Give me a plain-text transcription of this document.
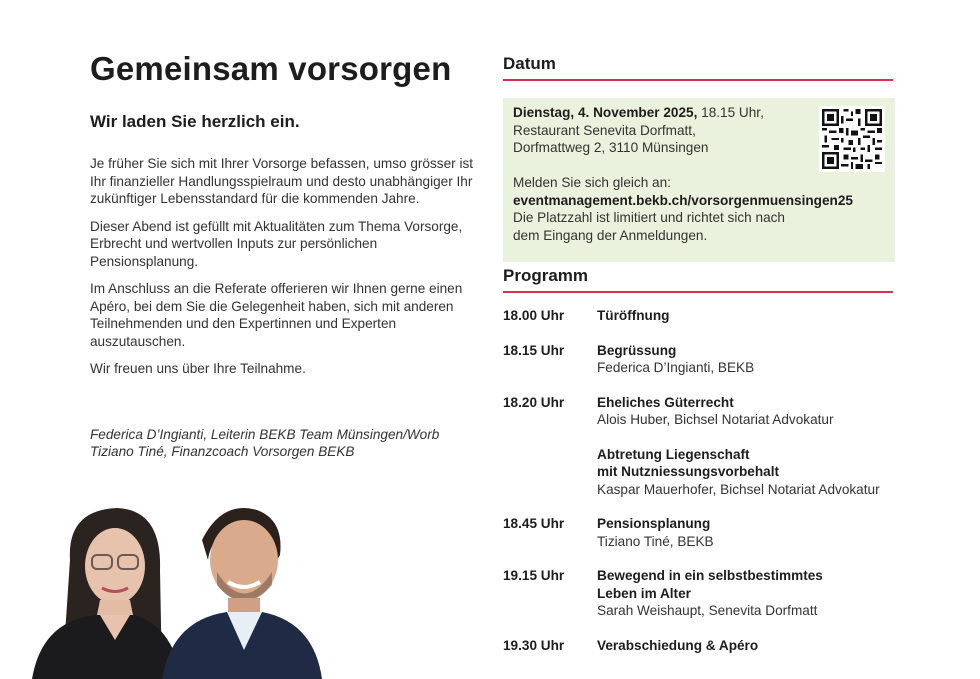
Gemeinsam vorsorgen
Wir laden Sie herzlich ein.

Je früher Sie sich mit Ihrer Vorsorge befassen, umso grösser ist Ihr finanzieller Handlungsspielraum und desto unabhängiger Ihr zukünftiger Lebensstandard für die kommenden Jahre.

Dieser Abend ist gefüllt mit Aktualitäten zum Thema Vorsorge, Erbrecht und wertvollen Inputs zur persönlichen Pensionsplanung.

Im Anschluss an die Referate offerieren wir Ihnen gerne einen Apéro, bei dem Sie die Gelegenheit haben, sich mit anderen Teilnehmenden und den Expertinnen und Experten auszutauschen.

Wir freuen uns über Ihre Teilnahme.

Federica D’Ingianti, Leiterin BEKB Team Münsingen/Worb
Tiziano Tiné, Finanzcoach Vorsorgen BEKB
Datum
Dienstag, 4. November 2025, 18.15 Uhr,
Restaurant Senevita Dorfmatt,
Dorfmattweg 2, 3110 Münsingen
Melden Sie sich gleich an:
eventmanagement.bekb.ch/vorsorgenmuensingen25
Die Platzzahl ist limitiert und richtet sich nach
dem Eingang der Anmeldungen.
Programm
18.00 Uhr Türöffnung
18.15 Uhr Begrüssung
Federica D’Ingianti, BEKB
18.20 Uhr Eheliches Güterrecht
Alois Huber, Bichsel Notariat Advokatur
Abtretung Liegenschaft
mit Nutzniessungsvorbehalt
Kaspar Mauerhofer, Bichsel Notariat Advokatur
18.45 Uhr Pensionsplanung
Tiziano Tiné, BEKB
19.15 Uhr Bewegend in ein selbstbestimmtes
Leben im Alter
Sarah Weishaupt, Senevita Dorfmatt
19.30 Uhr Verabschiedung & Apéro
